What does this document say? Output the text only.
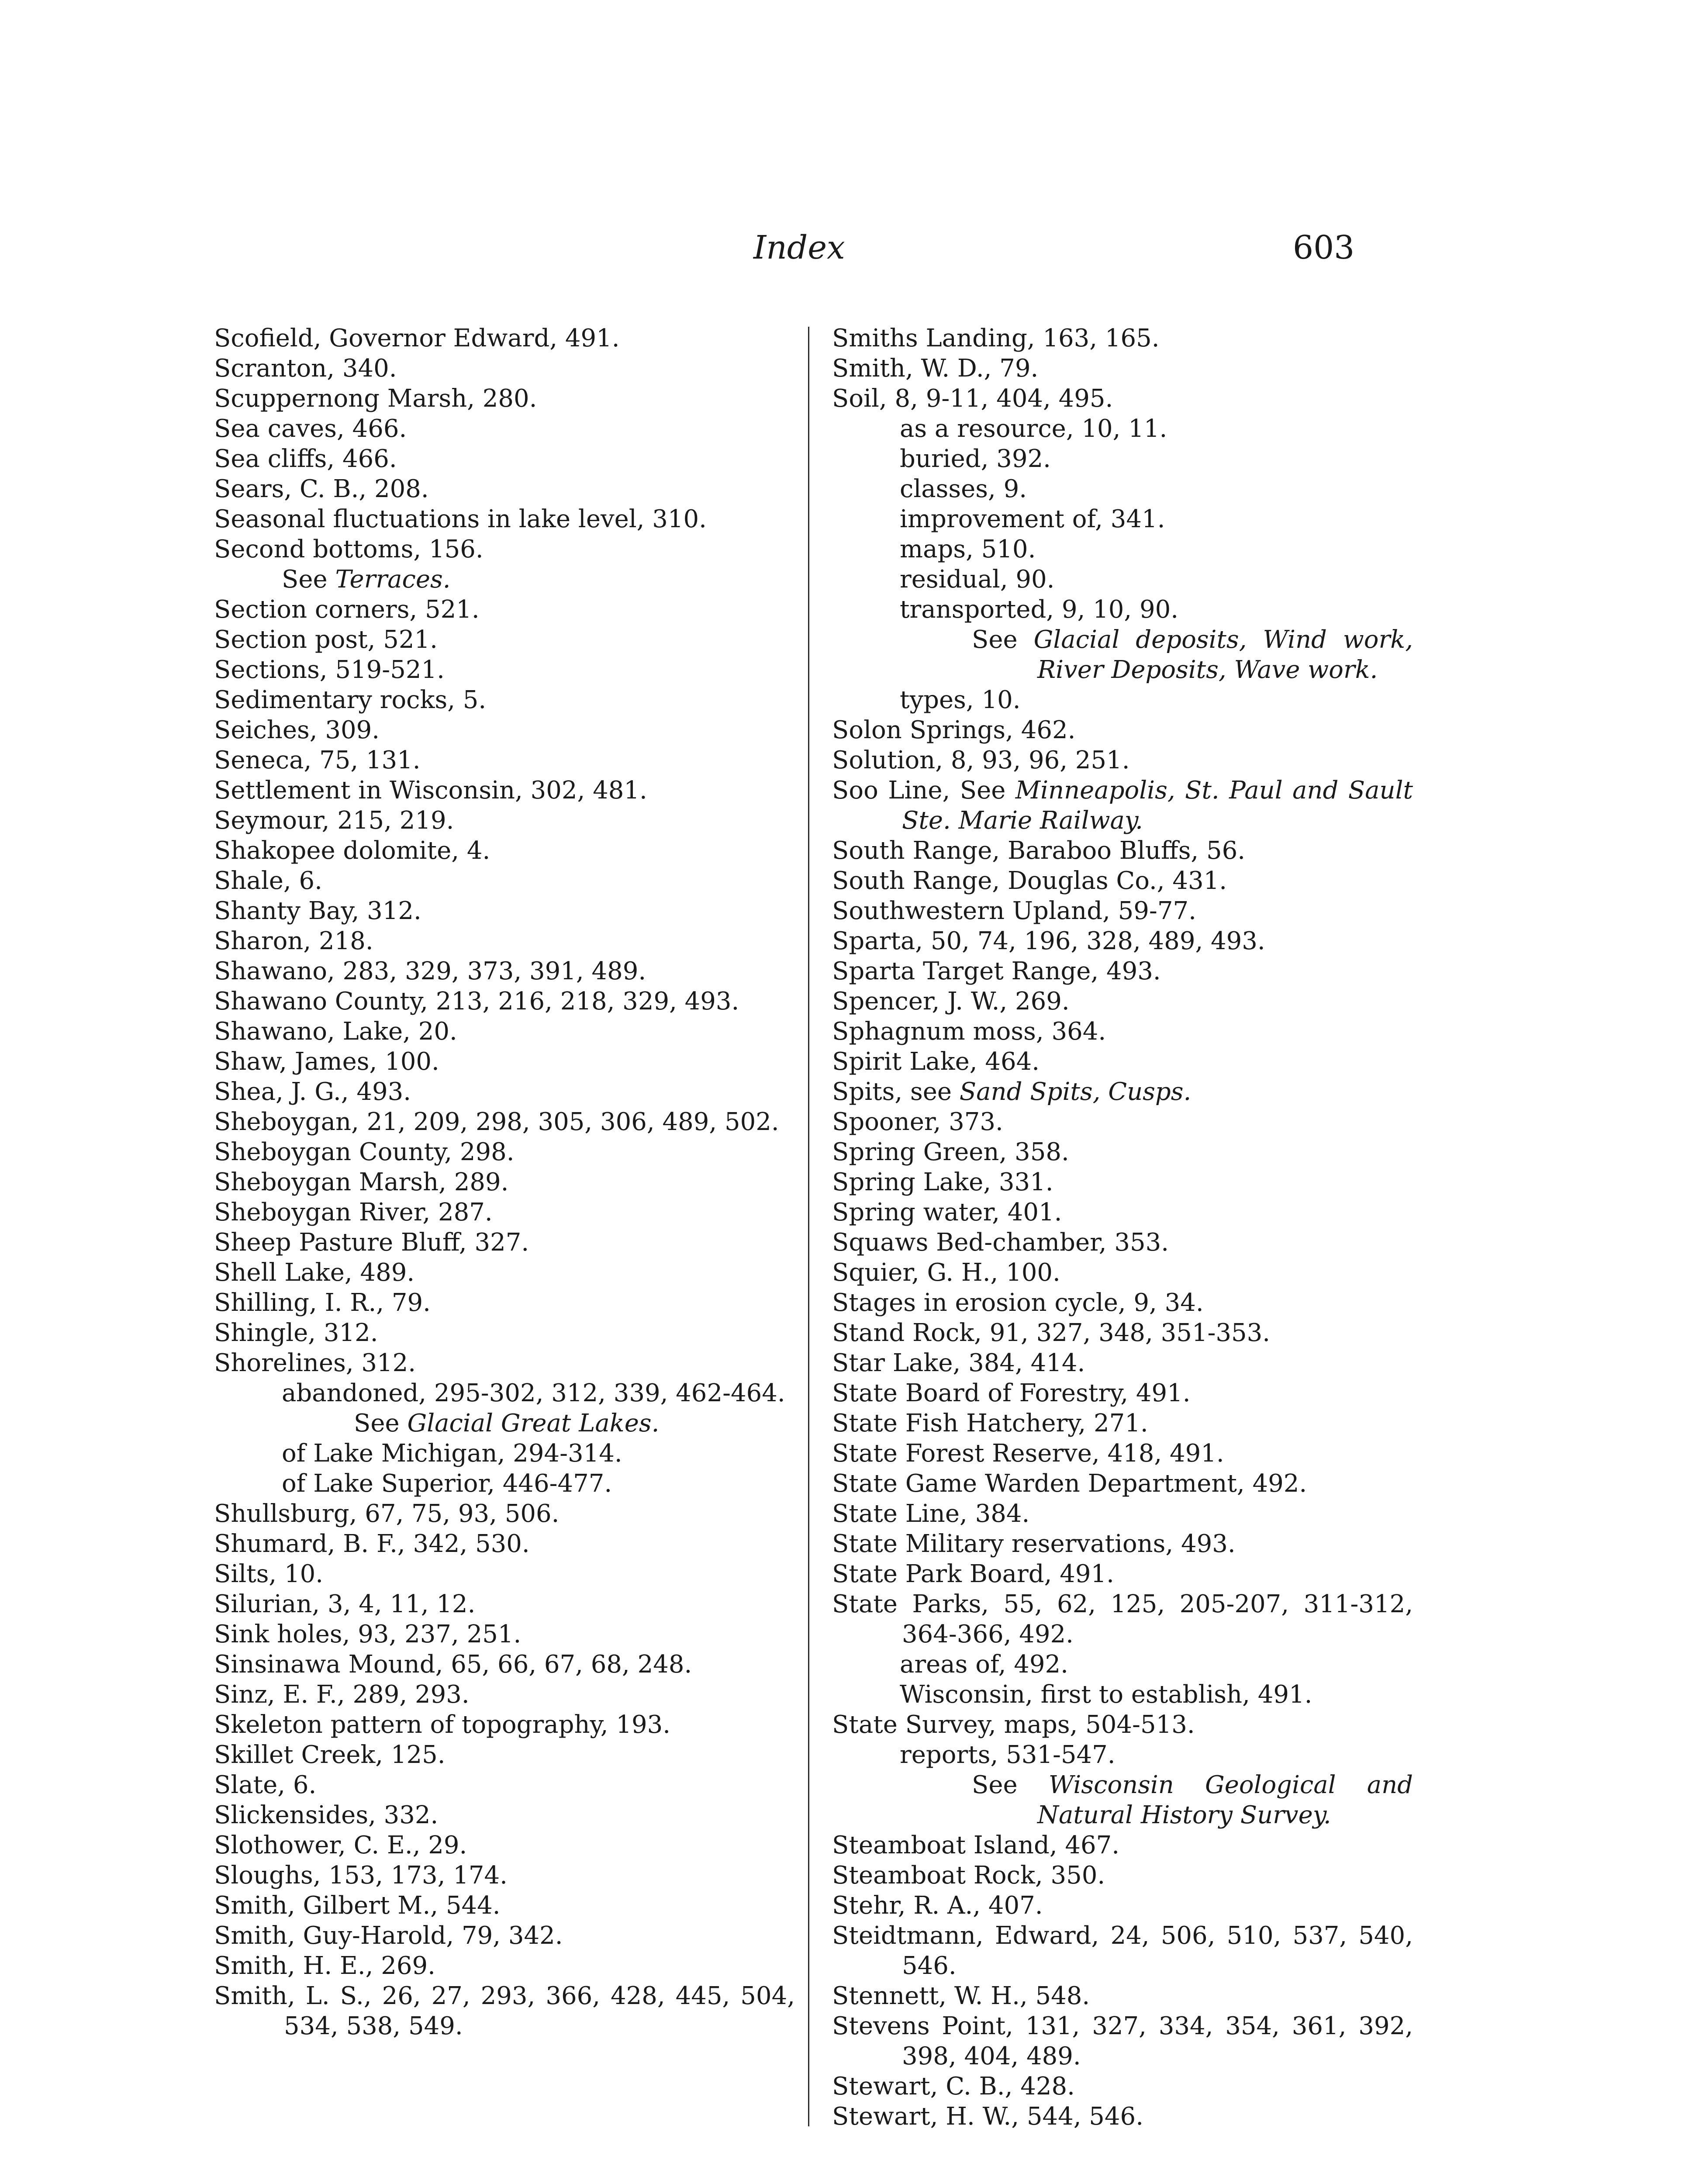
Index	603
Scofield, Governor Edward, 491.
Scranton, 340.
Scuppernong Marsh, 280.
Sea caves, 466.
Sea cliffs, 466.
Sears, C. B., 208.
Seasonal fluctuations in lake level, 310.
Second bottoms, 156.
See Terraces.
Section corners, 521.
Section post, 521.
Sections, 519-521.
Sedimentary rocks, 5.
Seiches, 309.
Seneca, 75, 131.
Settlement in Wisconsin, 302, 481.
Seymour, 215, 219.
Shakopee dolomite, 4.
Shale, 6.
Shanty Bay, 312.
Sharon, 218.
Shawano, 283, 329, 373, 391, 489.
Shawano County, 213, 216, 218, 329, 493.
Shawano, Lake, 20.
Shaw, James, 100.
Shea, J. G., 493.
Sheboygan, 21, 209, 298, 305, 306, 489, 502.
Sheboygan County, 298.
Sheboygan Marsh, 289.
Sheboygan River, 287.
Sheep Pasture Bluff, 327.
Shell Lake, 489.
Shilling, I. R., 79.
Shingle, 312.
Shorelines, 312.
abandoned, 295-302, 312, 339, 462-464.
See Glacial Great Lakes.
of Lake Michigan, 294-314.
of Lake Superior, 446-477.
Shullsburg, 67, 75, 93, 506.
Shumard, B. F., 342, 530.
Silts, 10.
Silurian, 3, 4, 11, 12.
Sink holes, 93, 237, 251.
Sinsinawa Mound, 65, 66, 67, 68, 248.
Sinz, E. F., 289, 293.
Skeleton pattern of topography, 193.
Skillet Creek, 125.
Slate, 6.
Slickensides, 332.
Slothower, C. E., 29.
Sloughs, 153, 173, 174.
Smith, Gilbert M., 544.
Smith, Guy-Harold, 79, 342.
Smith, H. E., 269.
Smith, L. S., 26, 27, 293, 366, 428, 445, 504, 534, 538, 549.
Smiths Landing, 163, 165.
Smith, W. D., 79.
Soil, 8, 9-11, 404, 495.
as a resource, 10, 11.
buried, 392.
classes, 9.
improvement of, 341.
maps, 510.
residual, 90.
transported, 9, 10, 90.
See Glacial deposits, Wind work, River Deposits, Wave work.
types, 10.
Solon Springs, 462.
Solution, 8, 93, 96, 251.
Soo Line, See Minneapolis, St. Paul and Sault Ste. Marie Railway.
South Range, Baraboo Bluffs, 56.
South Range, Douglas Co., 431.
Southwestern Upland, 59-77.
Sparta, 50, 74, 196, 328, 489, 493.
Sparta Target Range, 493.
Spencer, J. W., 269.
Sphagnum moss, 364.
Spirit Lake, 464.
Spits, see Sand Spits, Cusps.
Spooner, 373.
Spring Green, 358.
Spring Lake, 331.
Spring water, 401.
Squaws Bed-chamber, 353.
Squier, G. H., 100.
Stages in erosion cycle, 9, 34.
Stand Rock, 91, 327, 348, 351-353.
Star Lake, 384, 414.
State Board of Forestry, 491.
State Fish Hatchery, 271.
State Forest Reserve, 418, 491.
State Game Warden Department, 492.
State Line, 384.
State Military reservations, 493.
State Park Board, 491.
State Parks, 55, 62, 125, 205-207, 311-312, 364-366, 492.
areas of, 492.
Wisconsin, first to establish, 491.
State Survey, maps, 504-513.
reports, 531-547.
See Wisconsin Geological and Natural History Survey.
Steamboat Island, 467.
Steamboat Rock, 350.
Stehr, R. A., 407.
Steidtmann, Edward, 24, 506, 510, 537, 540, 546.
Stennett, W. H., 548.
Stevens Point, 131, 327, 334, 354, 361, 392, 398, 404, 489.
Stewart, C. B., 428.
Stewart, H. W., 544, 546.
